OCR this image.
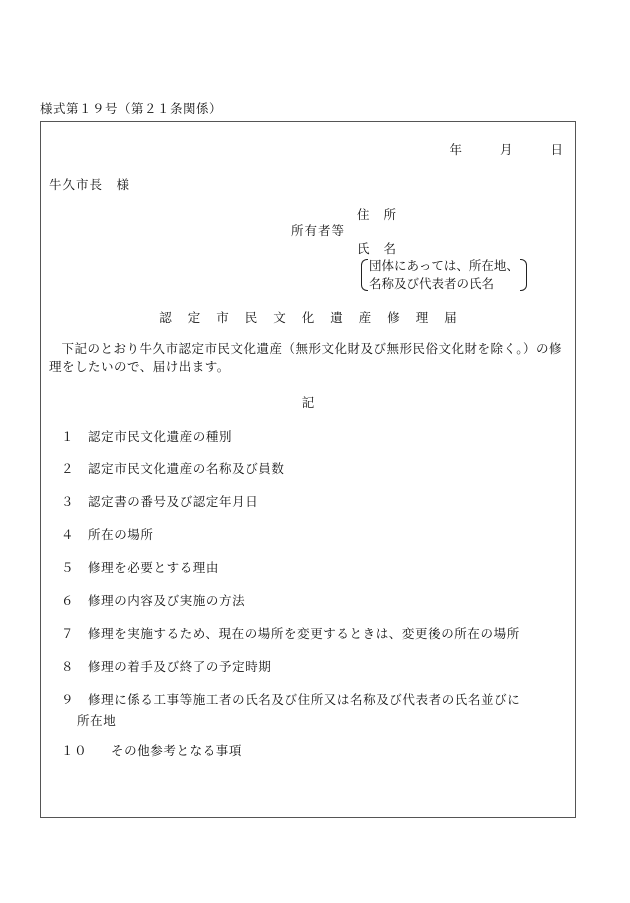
様式第１９号（第２１条関係）
年	月	日
牛久市長　様
住所
所有者等
氏名
団体にあっては、所在地、
名称及び代表者の氏名
認定市民文化遺産修理届
下記のとおり牛久市認定市民文化遺産（無形文化財及び無形民俗文化財を除く。）の修理をしたいので、届け出ます。
記
１ 認定市民文化遺産の種別
２ 認定市民文化遺産の名称及び員数
３ 認定書の番号及び認定年月日
４ 所在の場所
５ 修理を必要とする理由
６ 修理の内容及び実施の方法
７ 修理を実施するため、現在の場所を変更するときは、変更後の所在の場所
８ 修理の着手及び終了の予定時期
９ 修理に係る工事等施工者の氏名及び住所又は名称及び代表者の氏名並びに
所在地
１０ その他参考となる事項
